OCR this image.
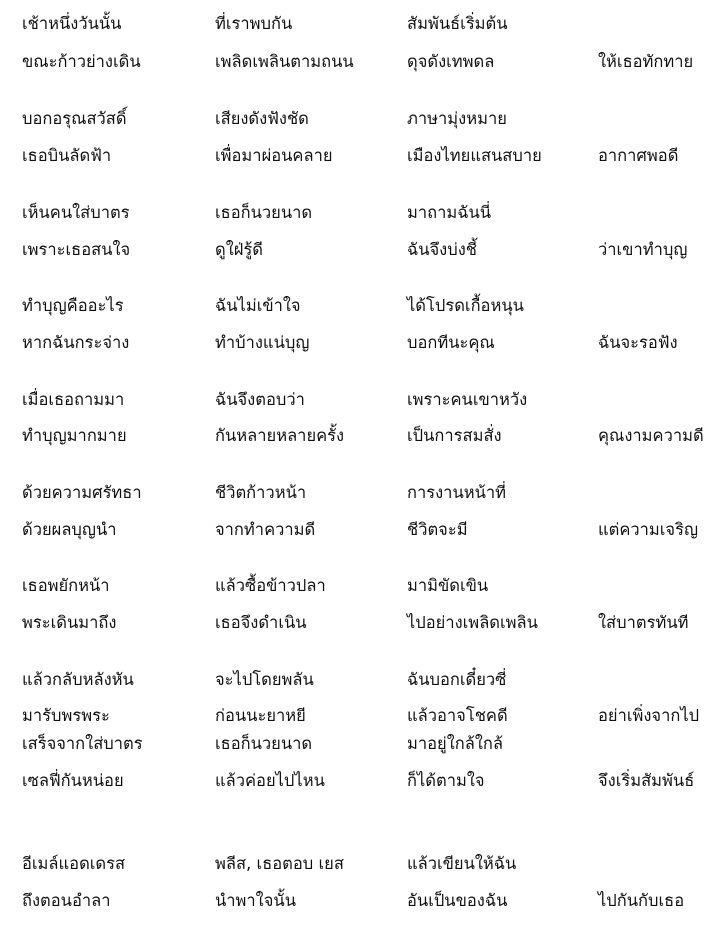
เช้าหนึ่งวันนั้น	ที่เราพบกัน	สัมพันธ์เริ่มต้น
ขณะก้าวย่างเดิน	เพลิดเพลินตามถนน	ดุจดังเทพดล	ให้เธอทักทาย
บอกอรุณสวัสดิ์	เสียงดังฟังชัด	ภาษามุ่งหมาย
เธอบินลัดฟ้า	เพื่อมาผ่อนคลาย	เมืองไทยแสนสบาย	อากาศพอดี
เห็นคนใส่บาตร	เธอก็นวยนาด	มาถามฉันนี่
เพราะเธอสนใจ	ดูใฝ่รู้ดี	ฉันจึงบ่งชี้	ว่าเขาทำบุญ
ทำบุญคืออะไร	ฉันไม่เข้าใจ	ได้โปรดเกื้อหนุน
หากฉันกระจ่าง	ทำบ้างแน่บุญ	บอกทีนะคุณ	ฉันจะรอฟัง
เมื่อเธอถามมา	ฉันจึงตอบว่า	เพราะคนเขาหวัง
ทำบุญมากมาย	กันหลายหลายครั้ง	เป็นการสมสั่ง	คุณงามความดี
ด้วยความศรัทธา	ชีวิตก้าวหน้า	การงานหน้าที่
ด้วยผลบุญนำ	จากทำความดี	ชีวิตจะมี	แต่ความเจริญ
เธอพยักหน้า	แล้วซื้อข้าวปลา	มามิขัดเขิน
พระเดินมาถึง	เธอจึงดำเนิน	ไปอย่างเพลิดเพลิน	ใส่บาตรทันที
แล้วกลับหลังหัน	จะไปโดยพลัน	ฉันบอกเดี๋ยวซี่
มารับพรพระ	ก่อนนะยาหยี	แล้วอาจโชคดี	อย่าเพิ่งจากไป
เสร็จจากใส่บาตร	เธอก็นวยนาด	มาอยู่ใกล้ใกล้
เซลฟี่กันหน่อย	แล้วค่อยไปไหน	ก็ได้ตามใจ	จึงเริ่มสัมพันธ์
อีเมล์แอดเดรส	พลีส, เธอตอบ เยส	แล้วเขียนให้ฉัน
ถึงตอนอำลา	นำพาใจนั้น	อันเป็นของฉัน	ไปกันกับเธอ
